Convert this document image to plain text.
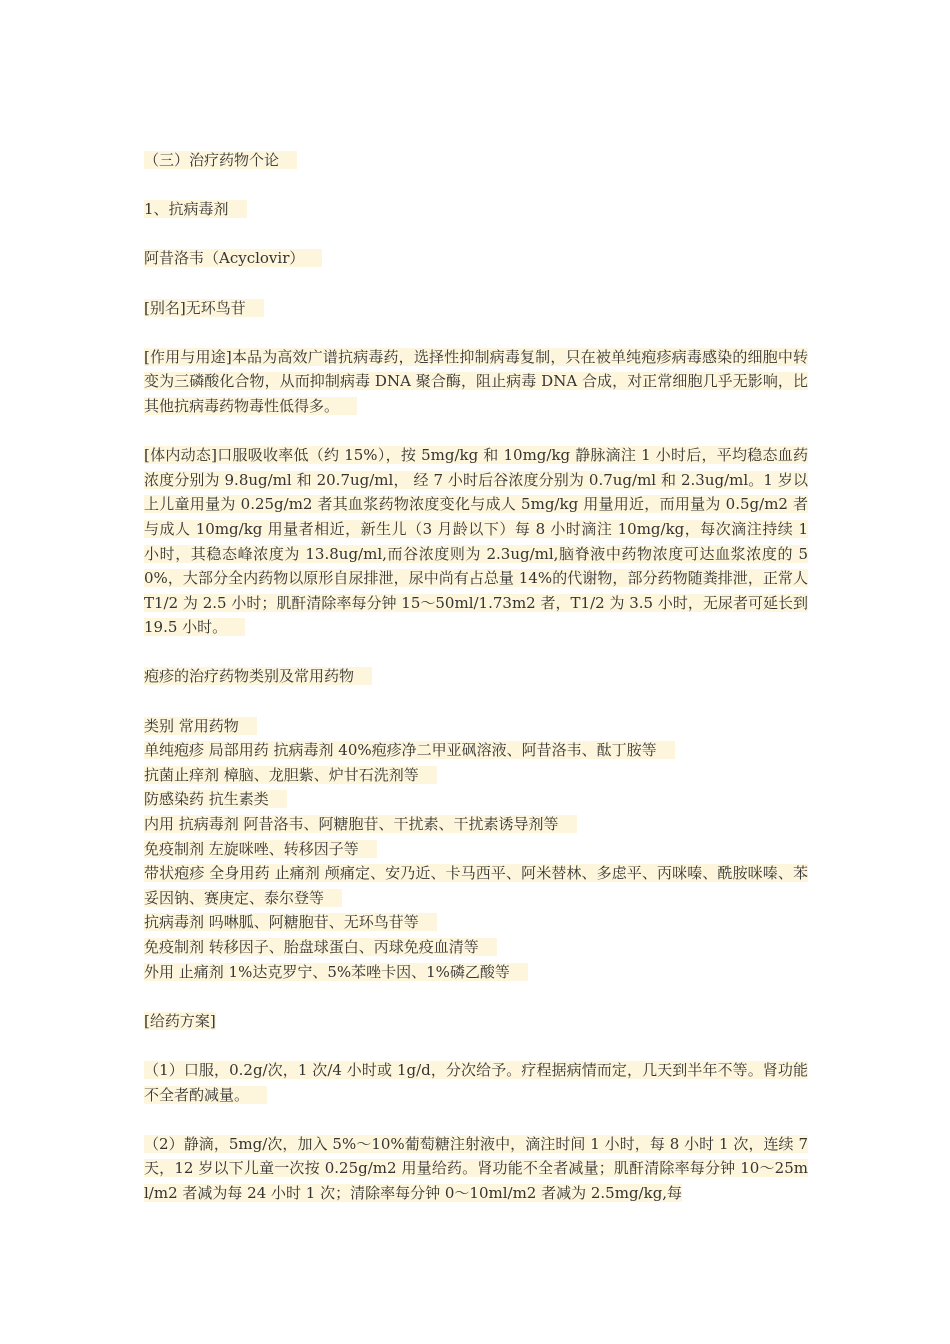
（三）治疗药物个论

1、抗病毒剂

阿昔洛韦（Acyclovir）

[别名]无环鸟苷

[作用与用途]本品为高效广谱抗病毒药，选择性抑制病毒复制，只在被单纯疱疹病毒感染的细胞中转变为三磷酸化合物，从而抑制病毒 DNA 聚合酶，阻止病毒 DNA 合成，对正常细胞几乎无影响，比其他抗病毒药物毒性低得多。

[体内动态]口服吸收率低（约 15%），按 5mg/kg 和 10mg/kg 静脉滴注 1 小时后，平均稳态血药浓度分别为 9.8ug/ml 和 20.7ug/ml， 经 7 小时后谷浓度分别为 0.7ug/ml 和 2.3ug/ml。1 岁以上儿童用量为 0.25g/m2 者其血浆药物浓度变化与成人 5mg/kg 用量用近，而用量为 0.5g/m2 者与成人 10mg/kg 用量者相近，新生儿（3 月龄以下）每 8 小时滴注 10mg/kg，每次滴注持续 1 小时，其稳态峰浓度为 13.8ug/ml,而谷浓度则为 2.3ug/ml,脑脊液中药物浓度可达血浆浓度的 50%，大部分全内药物以原形自尿排泄，尿中尚有占总量 14%的代谢物，部分药物随粪排泄，正常人 T1/2 为 2.5 小时；肌酐清除率每分钟 15～50ml/1.73m2 者，T1/2 为 3.5 小时，无尿者可延长到 19.5 小时。

疱疹的治疗药物类别及常用药物

类别 常用药物

单纯疱疹 局部用药 抗病毒剂 40%疱疹净二甲亚砜溶液、阿昔洛韦、酞丁胺等

抗菌止痒剂 樟脑、龙胆紫、炉甘石洗剂等

防感染药 抗生素类

内用 抗病毒剂 阿昔洛韦、阿糖胞苷、干扰素、干扰素诱导剂等

免疫制剂 左旋咪唑、转移因子等

带状疱疹 全身用药 止痛剂 颅痛定、安乃近、卡马西平、阿米替林、多虑平、丙咪嗪、酰胺咪嗪、苯妥因钠、赛庚定、泰尔登等

抗病毒剂 吗啉胍、阿糖胞苷、无环鸟苷等

免疫制剂 转移因子、胎盘球蛋白、丙球免疫血清等

外用 止痛剂 1%达克罗宁、5%苯唑卡因、1%磷乙酸等

[给药方案]

（1）口服，0.2g/次，1 次/4 小时或 1g/d，分次给予。疗程据病情而定，几天到半年不等。肾功能不全者酌减量。

（2）静滴，5mg/次，加入 5%～10%葡萄糖注射液中，滴注时间 1 小时，每 8 小时 1 次，连续 7 天，12 岁以下儿童一次按 0.25g/m2 用量给药。肾功能不全者减量；肌酐清除率每分钟 10～25ml/m2 者减为每 24 小时 1 次；清除率每分钟 0～10ml/m2 者减为 2.5mg/kg,每
